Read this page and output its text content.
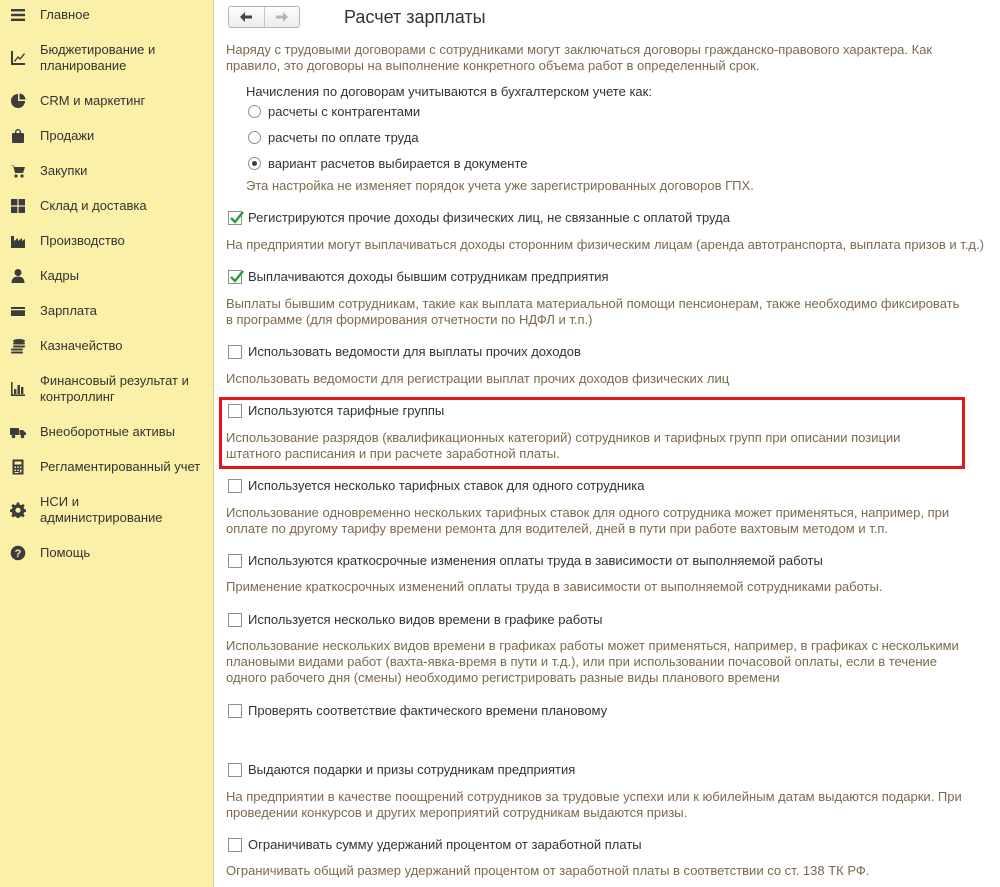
Главное
Бюджетирование и планирование
CRM и маркетинг
Продажи
Закупки
Склад и доставка
Производство
Кадры
Зарплата
Казначейство
Финансовый результат и контроллинг
Внеоборотные активы
Регламентированный учет
НСИ и администрирование
? Помощь
Расчет зарплаты
Наряду с трудовыми договорами с сотрудниками могут заключаться договоры гражданско-правового характера. Как правило, это договоры на выполнение конкретного объема работ в определенный срок.
Начисления по договорам учитываются в бухгалтерском учете как:
расчеты с контрагентами
расчеты по оплате труда
вариант расчетов выбирается в документе
Эта настройка не изменяет порядок учета уже зарегистрированных договоров ГПХ.
Регистрируются прочие доходы физических лиц, не связанные с оплатой труда
На предприятии могут выплачиваться доходы сторонним физическим лицам (аренда автотранспорта, выплата призов и т.д.)
Выплачиваются доходы бывшим сотрудникам предприятия
Выплаты бывшим сотрудникам, такие как выплата материальной помощи пенсионерам, также необходимо фиксировать в программе (для формирования отчетности по НДФЛ и т.п.)
Использовать ведомости для выплаты прочих доходов
Использовать ведомости для регистрации выплат прочих доходов физических лиц
Используются тарифные группы
Использование разрядов (квалификационных категорий) сотрудников и тарифных групп при описании позиции штатного расписания и при расчете заработной платы.
Используется несколько тарифных ставок для одного сотрудника
Использование одновременно нескольких тарифных ставок для одного сотрудника может применяться, например, при оплате по другому тарифу времени ремонта для водителей, дней в пути при работе вахтовым методом и т.п.
Используются краткосрочные изменения оплаты труда в зависимости от выполняемой работы
Применение краткосрочных изменений оплаты труда в зависимости от выполняемой сотрудниками работы.
Используется несколько видов времени в графике работы
Использование нескольких видов времени в графиках работы может применяться, например, в графиках с несколькими плановыми видами работ (вахта-явка-время в пути и т.д.), или при использовании почасовой оплаты, если в течение одного рабочего дня (смены) необходимо регистрировать разные виды планового времени
Проверять соответствие фактического времени плановому
Выдаются подарки и призы сотрудникам предприятия
На предприятии в качестве поощрений сотрудников за трудовые успехи или к юбилейным датам выдаются подарки. При проведении конкурсов и других мероприятий сотрудникам выдаются призы.
Ограничивать сумму удержаний процентом от заработной платы
Ограничивать общий размер удержаний процентом от заработной платы в соответствии со ст. 138 ТК РФ.
